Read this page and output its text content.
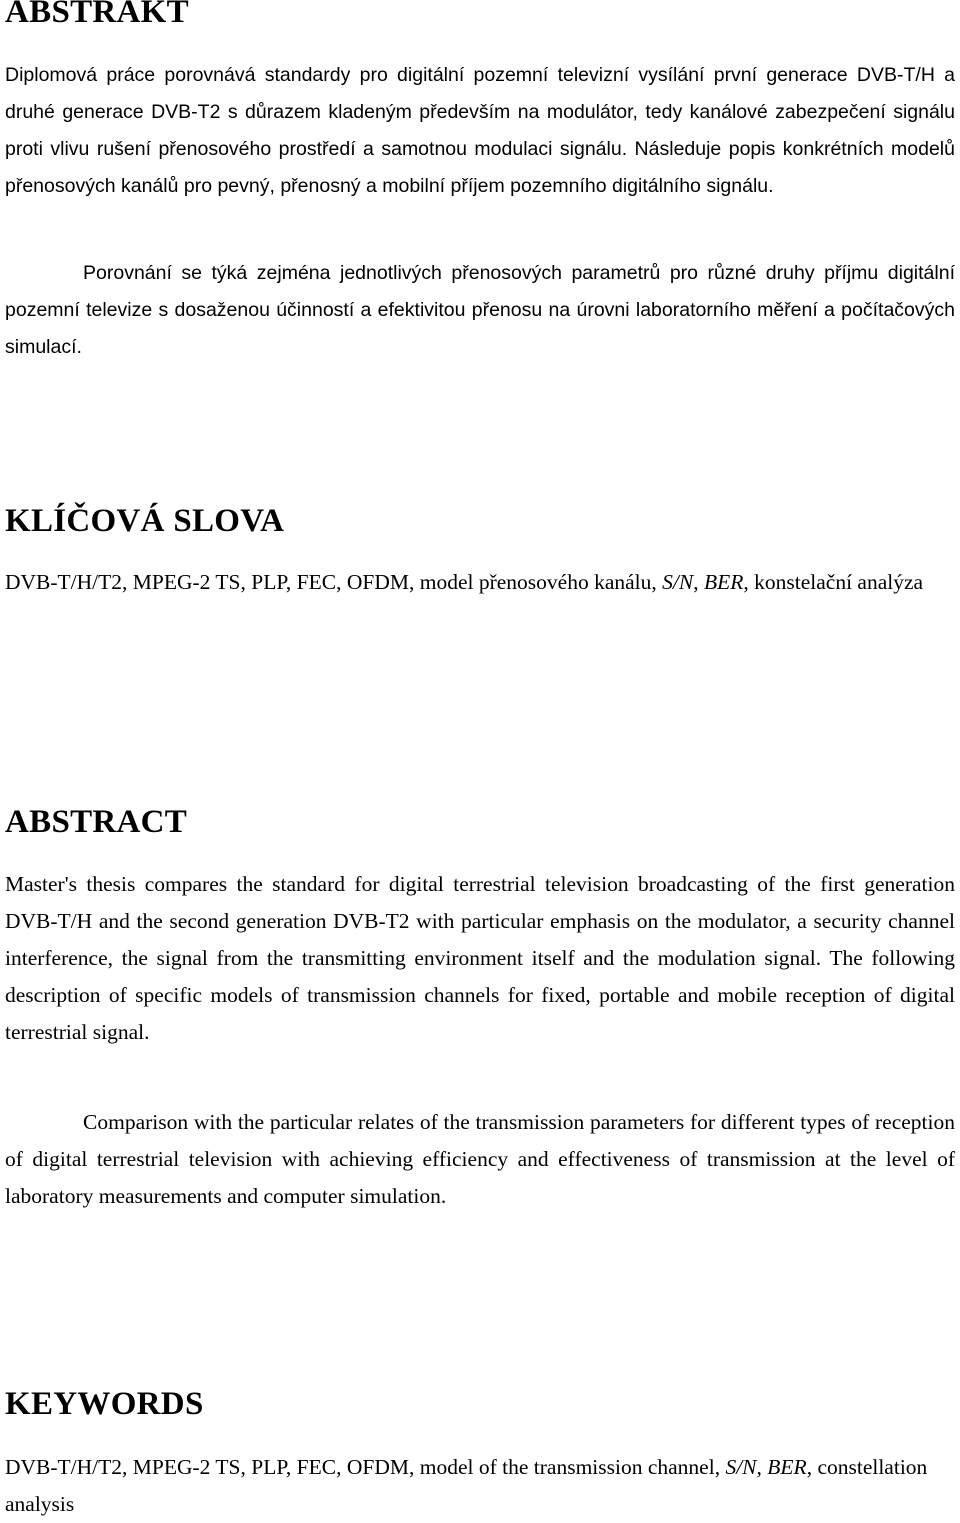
ABSTRAKT

Diplomová práce porovnává standardy pro digitální pozemní televizní vysílání první generace DVB-T/H a druhé generace DVB-T2 s důrazem kladeným především na modulátor, tedy kanálové zabezpečení signálu proti vlivu rušení přenosového prostředí a samotnou modulaci signálu. Následuje popis konkrétních modelů přenosových kanálů pro pevný, přenosný a mobilní příjem pozemního digitálního signálu.

Porovnání se týká zejména jednotlivých přenosových parametrů pro různé druhy příjmu digitální pozemní televize s dosaženou účinností a efektivitou přenosu na úrovni laboratorního měření a počítačových simulací.

KLÍČOVÁ SLOVA

DVB-T/H/T2, MPEG-2 TS, PLP, FEC, OFDM, model přenosového kanálu, S/N, BER, konstelační analýza

ABSTRACT

Master's thesis compares the standard for digital terrestrial television broadcasting of the first generation DVB-T/H and the second generation DVB-T2 with particular emphasis on the modulator, a security channel interference, the signal from the transmitting environment itself and the modulation signal. The following description of specific models of transmission channels for fixed, portable and mobile reception of digital terrestrial signal.

Comparison with the particular relates of the transmission parameters for different types of reception of digital terrestrial television with achieving efficiency and effectiveness of transmission at the level of laboratory measurements and computer simulation.

KEYWORDS

DVB-T/H/T2, MPEG-2 TS, PLP, FEC, OFDM, model of the transmission channel, S/N, BER, constellation analysis
